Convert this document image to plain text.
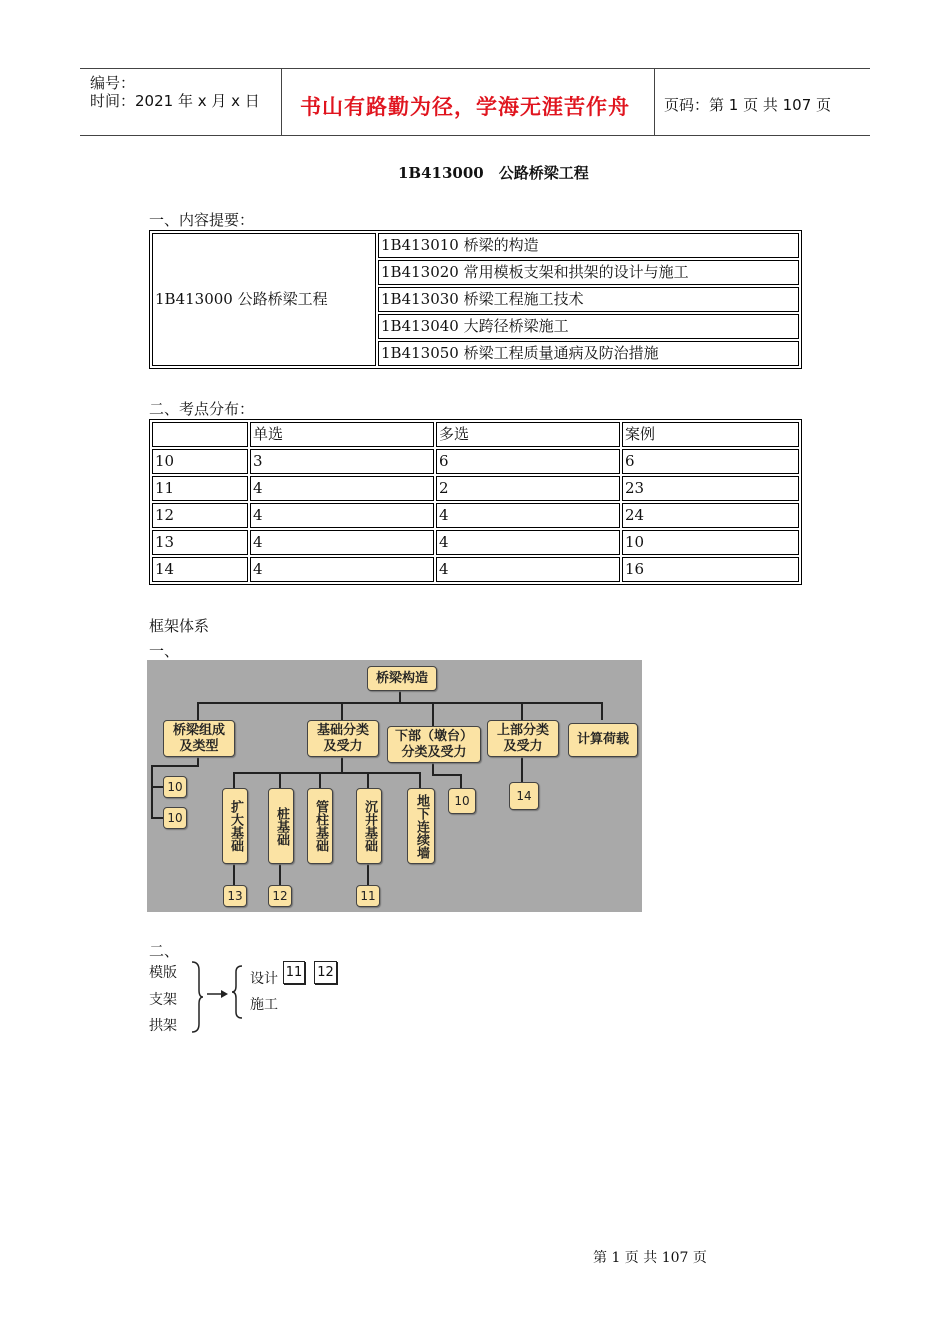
编号：
时间：2021 年 x 月 x 日 书山有路勤为径，学海无涯苦作舟 页码：第 1 页 共 107 页
1B413000　公路桥梁工程
一、内容提要：
1B413000 公路桥梁工程	1B413010 桥梁的构造
1B413020 常用模板支架和拱架的设计与施工
1B413030 桥梁工程施工技术
1B413040 大跨径桥梁施工
1B413050 桥梁工程质量通病及防治措施
二、考点分布：
	单选	多选	案例
10	3	6	6
11	4	2	23
12	4	4	24
13	4	4	10
14	4	4	16
框架体系
一、
桥梁构造
桥梁组成
及类型
基础分类
及受力
下部（墩台）
分类及受力
上部分类
及受力	计算荷载
10
10	扩大基础	桩基础	管柱基础	沉井基础	地下连续墙
13	12	11
10	14
二、
模版
支架
拱架
设计
施工
11 12
第 1 页 共 107 页
